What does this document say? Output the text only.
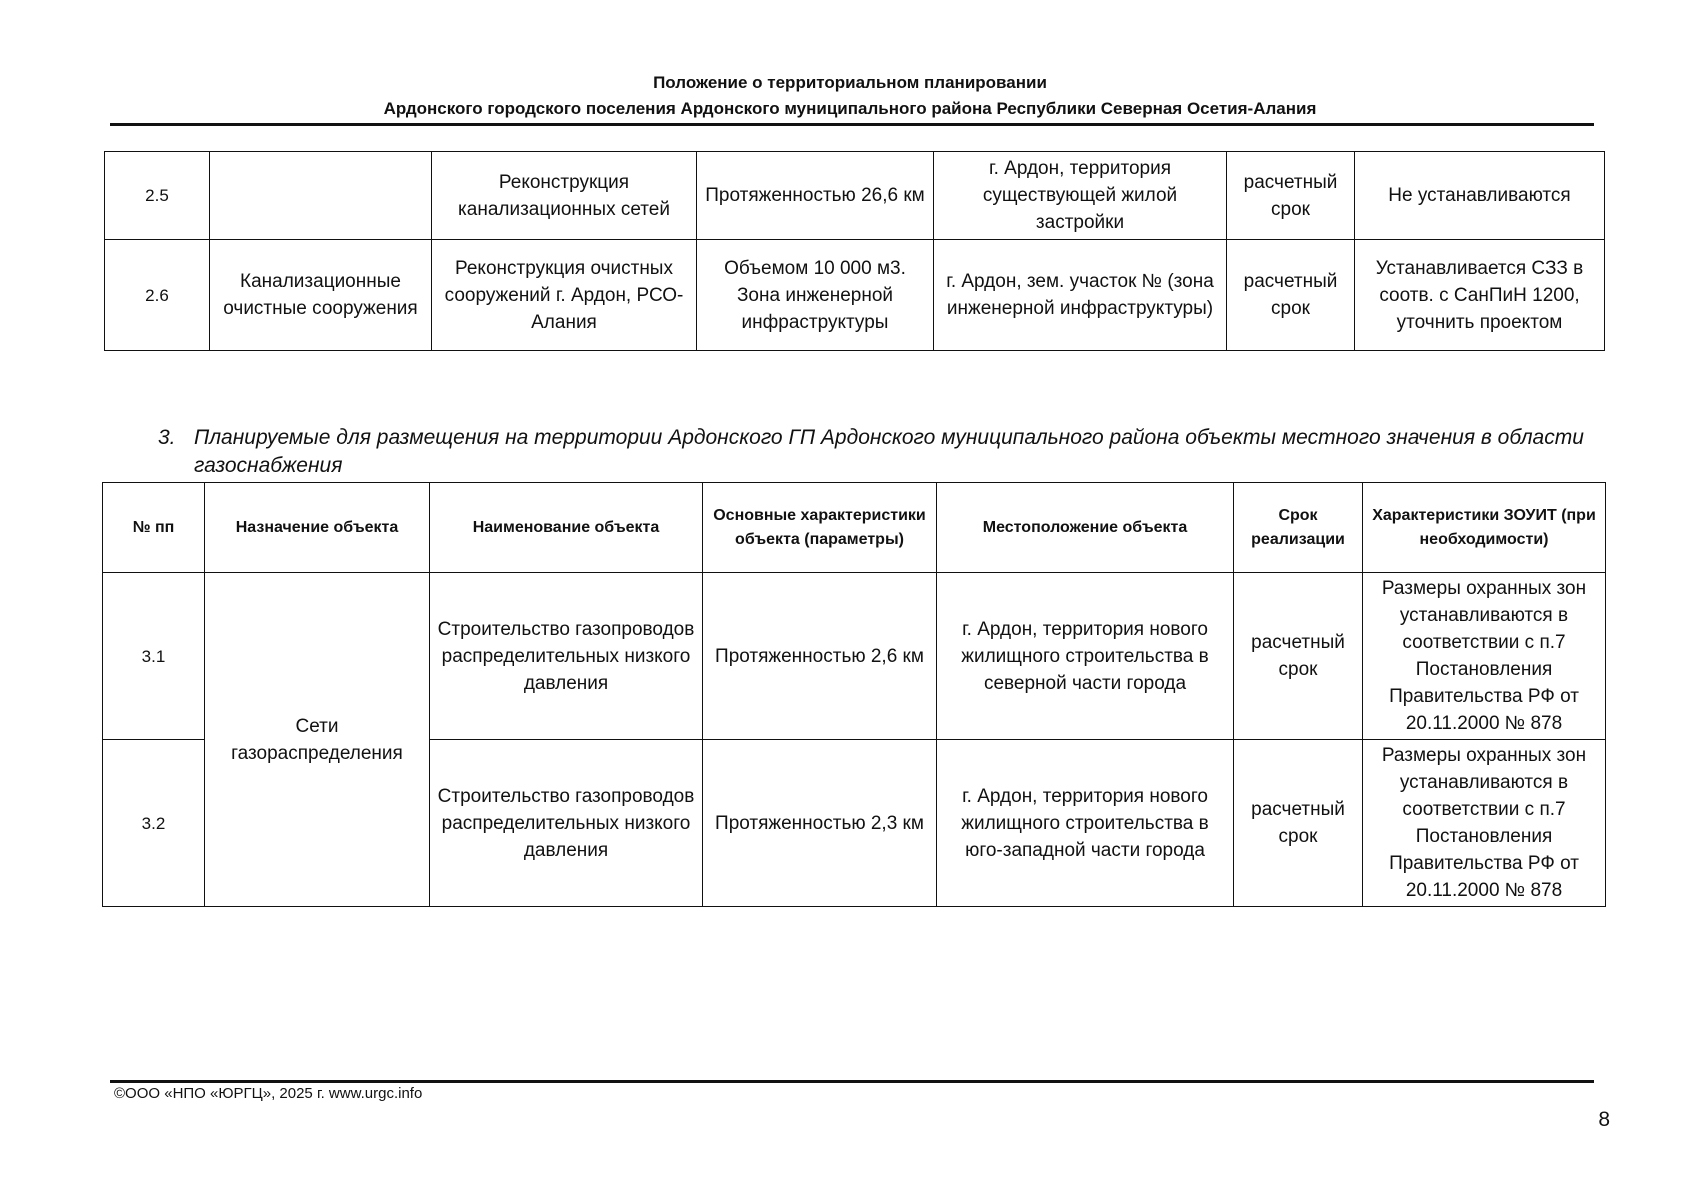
Положение о территориальном планировании
Ардонского городского поселения Ардонского муниципального района Республики Северная Осетия-Алания
2.5		Реконструкция канализационных сетей	Протяженностью 26,6 км	г. Ардон, территория существующей жилой застройки	расчетный срок	Не устанавливаются
2.6	Канализационные очистные сооружения	Реконструкция очистных сооружений г. Ардон, РСО-Алания	Объемом 10 000 м3. Зона инженерной инфраструктуры	г. Ардон, зем. участок № (зона инженерной инфраструктуры)	расчетный срок	Устанавливается СЗЗ в соотв. с СанПиН 1200, уточнить проектом
3. Планируемые для размещения на территории Ардонского ГП Ардонского муниципального района объекты местного значения в области газоснабжения
№ пп	Назначение объекта	Наименование объекта	Основные характеристики объекта (параметры)	Местоположение объекта	Срок реализации	Характеристики ЗОУИТ (при необходимости)
3.1	Сети газораспределения	Строительство газопроводов распределительных низкого давления	Протяженностью 2,6 км	г. Ардон, территория нового жилищного строительства в северной части города	расчетный срок	Размеры охранных зон устанавливаются в соответствии с п.7 Постановления Правительства РФ от 20.11.2000 № 878
3.2		Строительство газопроводов распределительных низкого давления	Протяженностью 2,3 км	г. Ардон, территория нового жилищного строительства в юго-западной части города	расчетный срок	Размеры охранных зон устанавливаются в соответствии с п.7 Постановления Правительства РФ от 20.11.2000 № 878
©ООО «НПО «ЮРГЦ», 2025 г. www.urgc.info
8
